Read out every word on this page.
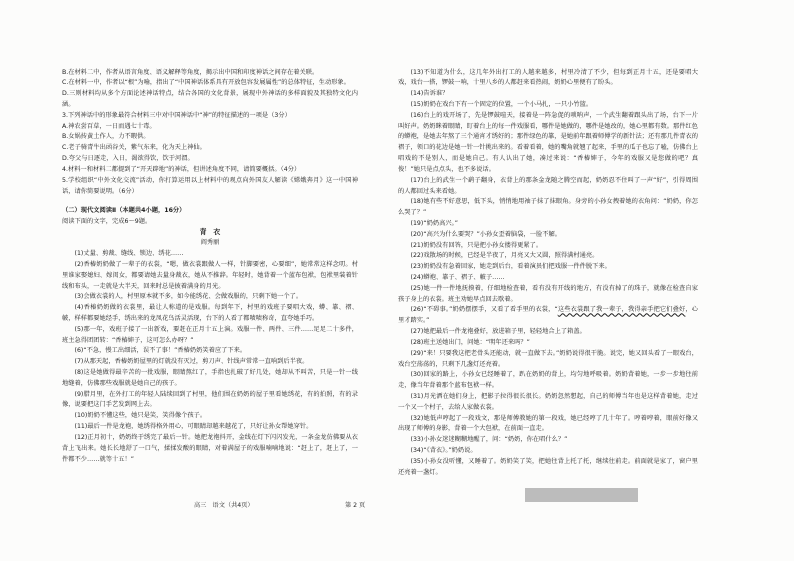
B.在材料二中，作者从语言角度、语义解释等角度，揭示出中国和印度神话之间存在着关联。

C.在材料一中，作者以“根”为喻，指出了“中国神话体系具有开放包容发展属性”的总体特征，生动形象。

D.三则材料均从多个方面论述神话特点，结合各国的文化背景，展现中外神话的多样面貌及其独特文化内涵。

3.下列神话中的形象最符合材料三中对中国神话中“神”的特征描述的一项是（3分）

A.神农尝百草，一日而遇七十毒。

B.女娲抟黄土作人，力不暇供。

C.老子骑青牛出函谷关，紫气东来，化为天上神仙。

D.夸父与日逐走，入日，渴欲得饮，饮于河渭。

4.材料一和材料二都提到了“开天辟地”的神话，但讲述角度不同，请简要概括。（4分）

5.学校组织“中外文化交流”活动，你打算运用以上材料中的观点向外国友人解读《嫦娥奔月》这一中国神话，请你简要说明。（6分）

（二）现代文阅读Ⅱ（本题共4小题，16分）

阅读下面的文字，完成6～9题。

背　衣

阎秀丽

(1)丈量、剪裁、缝线、锁边、绣花……

(2)香椿奶奶做了一辈子的衣裳，“嗯，做衣裳跟做人一样，针脚要密，心要细”，她常常这样念叨。村里谁家娶媳妇、嫁闺女，都要请她去量身裁衣，她从不推辞。年轻时，她背着一个蓝布包袱，包袱里装着针线和布头，一走就是大半天，回来时总是披着满身的月光。

(3)会做衣裳的人，村里原本就不多，如今能绣花、会做戏服的，只剩下她一个了。

(4)香椿奶奶做的衣裳里，最让人称道的是戏服。每到年下，村里的戏班子要唱大戏，蟒、靠、褶、帔，样样都要她经手，绣出来的龙凤花鸟活灵活现，台下的人看了都啧啧称奇，直夸她手巧。

(5)那一年，戏班子接了一出新戏，要赶在正月十五上演。戏服一件、两件、三件……足足二十多件，班主急得团团转：“香椿婶子，这可怎么办呀？”

(6)“不急，慢工出细活，误不了事！”香椿奶奶笑着应了下来。

(7)从那天起，香椿奶奶屋里的灯就没有灭过，剪刀声、针线声常常一直响到后半夜。

(8)这是她做得最辛苦的一批戏服，眼睛熬红了，手指也扎破了好几处，她却从不叫苦，只是一针一线地缝着，仿佛那些戏服就是她自己的孩子。

(9)腊月里，在外打工的年轻人陆续回到了村里，他们围在奶奶的屋子里看她绣花，有的拍照，有的录像，说要把这门手艺发到网上去。

(10)奶奶不懂这些，她只是笑，笑得像个孩子。

(11)最后一件是龙袍，她绣得格外用心，可眼睛却越来越花了，只好让孙女帮她穿针。

(12)正月初十，奶奶终于绣完了最后一针。她把龙袍抖开，金线在灯下闪闪发光，一条金龙仿佛要从衣背上飞出来。她长长地舒了一口气，揉揉发酸的眼睛，对着满屋子的戏服喃喃地说：“赶上了，赶上了，一件都不少……就等十五！”

(13)不知道为什么，这几年外出打工的人越来越多，村里冷清了不少，但每到正月十五，还是要唱大戏，戏台一搭，锣鼓一响，十里八乡的人都赶来看热闹，奶奶心里便有了盼头。

(14)告诉谁？

(15)奶奶在戏台下有一个固定的位置，一个小马扎，一只小竹篮。

(16)台上的戏开场了，先是锣鼓喧天，接着是一阵急促的唢呐声，一个武生翻着跟头出了场，台下一片叫好声。奶奶眯着眼睛，盯着台上的每一件戏服看，哪件是她做的，哪件是她改的，她心里都有数。那件红色的蟒袍，是她去年熬了三个通宵才绣好的；那件绿色的靠，是她前年跟着师傅学的新针法；还有那几件青衣的褶子，领口的花边是她一针一针挑出来的。看着看着，她的嘴角就翘了起来，手里的瓜子也忘了嗑，仿佛台上唱戏的不是别人，而是她自己。有人认出了她，凑过来说：“香椿婶子，今年的戏服又是您做的吧？真俊！”她只是点点头，也不多说话。

(17)台上的武生一个鹞子翻身，衣背上的那条金龙随之腾空而起，奶奶忍不住叫了一声“好”，引得周围的人都回过头来看她。

(18)她有些不好意思，低下头，悄悄地用袖子抹了抹眼角。身旁的小孙女拽着她的衣角问：“奶奶，你怎么哭了？”

(19)“奶奶高兴。”

(20)“高兴为什么要哭？”小孙女歪着脑袋，一脸不解。

(21)奶奶没有回答，只是把小孙女搂得更紧了。

(22)戏散场的时候，已经是半夜了，月亮又大又圆，照得满村通亮。

(23)奶奶没有急着回家，她走到后台，看着演员们把戏服一件件脱下来。

(24)蟒袍、靠子、褶子、帔子……

(25)她一件一件地抚摸着，仔细地检查着，看有没有开线的地方，有没有掉了的珠子，就像在检查自家孩子身上的衣裳。班主劝她早点回去歇着。

(26)“不碍事。”奶奶摆摆手，又看了看手里的衣裳，“这些衣裳跟了我一辈子，我得亲手把它们叠好，心里才踏实。”

(27)她把最后一件龙袍叠好，放进箱子里，轻轻地合上了箱盖。

(28)班主送她出门，问她：“明年还来吗？”

(29)“来！只要我这把老骨头还能动，就一直做下去。”奶奶说得很干脆。说完，她又回头看了一眼戏台，戏台空荡荡的，只剩下几盏灯还亮着。

(30)回家的路上，小孙女已经睡着了，趴在奶奶的背上，均匀地呼吸着。奶奶背着她，一步一步地往前走，像当年背着那个蓝布包袱一样。

(31)月光洒在她们身上，把影子拉得很长很长。奶奶忽然想起，自己的师傅当年也是这样背着她，走过一个又一个村子，去给人家做衣裳。

(32)她低声哼起了一段戏文，那是师傅教她的第一段戏，她已经哼了几十年了。哼着哼着，眼前好像又出现了师傅的身影，背着一个大包袱，在前面一直走。

(33)小孙女迷迷糊糊地醒了，问：“奶奶，你在唱什么？”

(34)“《背衣》。”奶奶说。

(35)小孙女没听懂，又睡着了。奶奶笑了笑，把她往背上托了托，继续往前走。前面就是家了，窗户里还亮着一盏灯。

高三　语文（共4页）	第 2 页
